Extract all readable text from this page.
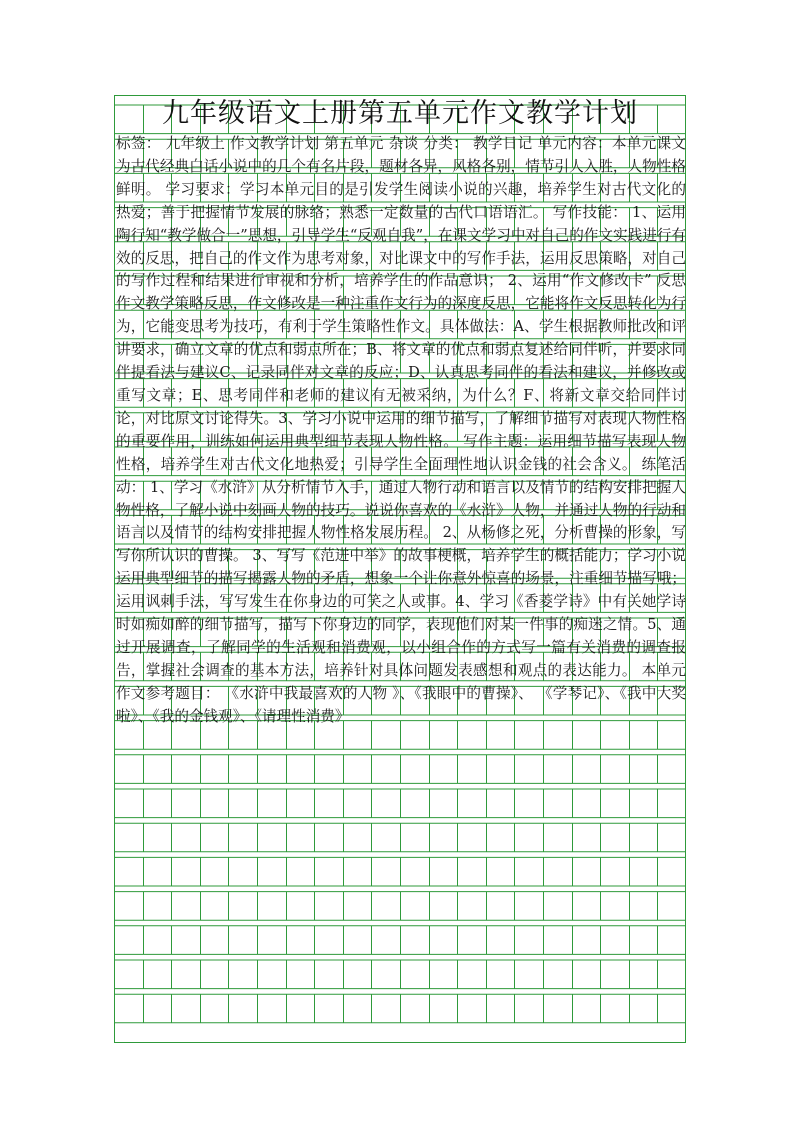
九年级语文上册第五单元作文教学计划

标签： 九年级上 作文教学计划 第五单元 杂谈 分类： 教学日记 单元内容：本单元课文为古代经典白话小说中的几个有名片段，题材各异，风格各别，情节引人入胜，人物性格鲜明。 学习要求：学习本单元目的是引发学生阅读小说的兴趣，培养学生对古代文化的热爱；善于把握情节发展的脉络；熟悉一定数量的古代口语语汇。 写作技能： 1、运用陶行知“教学做合一”思想，引导学生“反观自我”，在课文学习中对自己的作文实践进行有效的反思，把自己的作文作为思考对象，对比课文中的写作手法，运用反思策略，对自己的写作过程和结果进行审视和分析，培养学生的作品意识； 2、运用“作文修改卡” 反思作文教学策略反思，作文修改是一种注重作文行为的深度反思，它能将作文反思转化为行为，它能变思考为技巧，有利于学生策略性作文。具体做法：A、学生根据教师批改和评讲要求，确立文章的优点和弱点所在；B、将文章的优点和弱点复述给同伴听，并要求同伴提看法与建议C、记录同伴对文章的反应；D、认真思考同伴的看法和建议，并修改或重写文章；E、思考同伴和老师的建议有无被采纳，为什么？F、将新文章交给同伴讨论，对比原文讨论得失。3、学习小说中运用的细节描写，了解细节描写对表现人物性格的重要作用，训练如何运用典型细节表现人物性格。 写作主题：运用细节描写表现人物性格，培养学生对古代文化地热爱；引导学生全面理性地认识金钱的社会含义。 练笔活动： 1、学习《水浒》从分析情节入手，通过人物行动和语言以及情节的结构安排把握人物性格，了解小说中刻画人物的技巧。说说你喜欢的《水浒》人物，并通过人物的行动和语言以及情节的结构安排把握人物性格发展历程。 2、从杨修之死，分析曹操的形象，写写你所认识的曹操。 3、写写《范进中举》的故事梗概，培养学生的概括能力；学习小说运用典型细节的描写揭露人物的矛盾，想象一个让你意外惊喜的场景，注重细节描写哦；运用讽刺手法，写写发生在你身边的可笑之人或事。4、学习《香菱学诗》中有关她学诗时如痴如醉的细节描写，描写下你身边的同学，表现他们对某一件事的痴迷之情。5、通过开展调查，了解同学的生活观和消费观，以小组合作的方式写一篇有关消费的调查报告，掌握社会调查的基本方法，培养针对具体问题发表感想和观点的表达能力。 本单元作文参考题目： 《水浒中我最喜欢的人物 》、《我眼中的曹操》、 《学琴记》、《我中大奖啦》、《我的金钱观》、《请理性消费》
